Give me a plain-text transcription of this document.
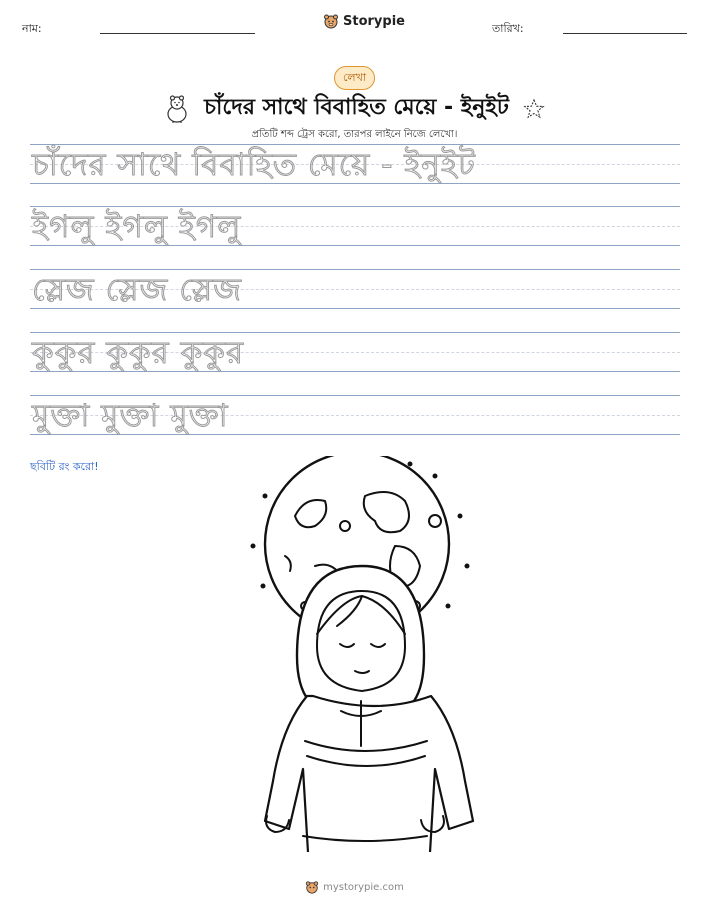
নাম:	Storypie	তারিখ:
লেখা
চাঁদের সাথে বিবাহিত মেয়ে - ইনুইট
প্রতিটি শব্দ ট্রেস করো, তারপর লাইনে নিজে লেখো।
চাঁদের সাথে বিবাহিত মেয়ে - ইনুইট
ইগলু ইগলু ইগলু
স্লেজ স্লেজ স্লেজ
কুকুর কুকুর কুকুর
মুক্তা মুক্তা মুক্তা
ছবিটি রং করো!
mystorypie.com
